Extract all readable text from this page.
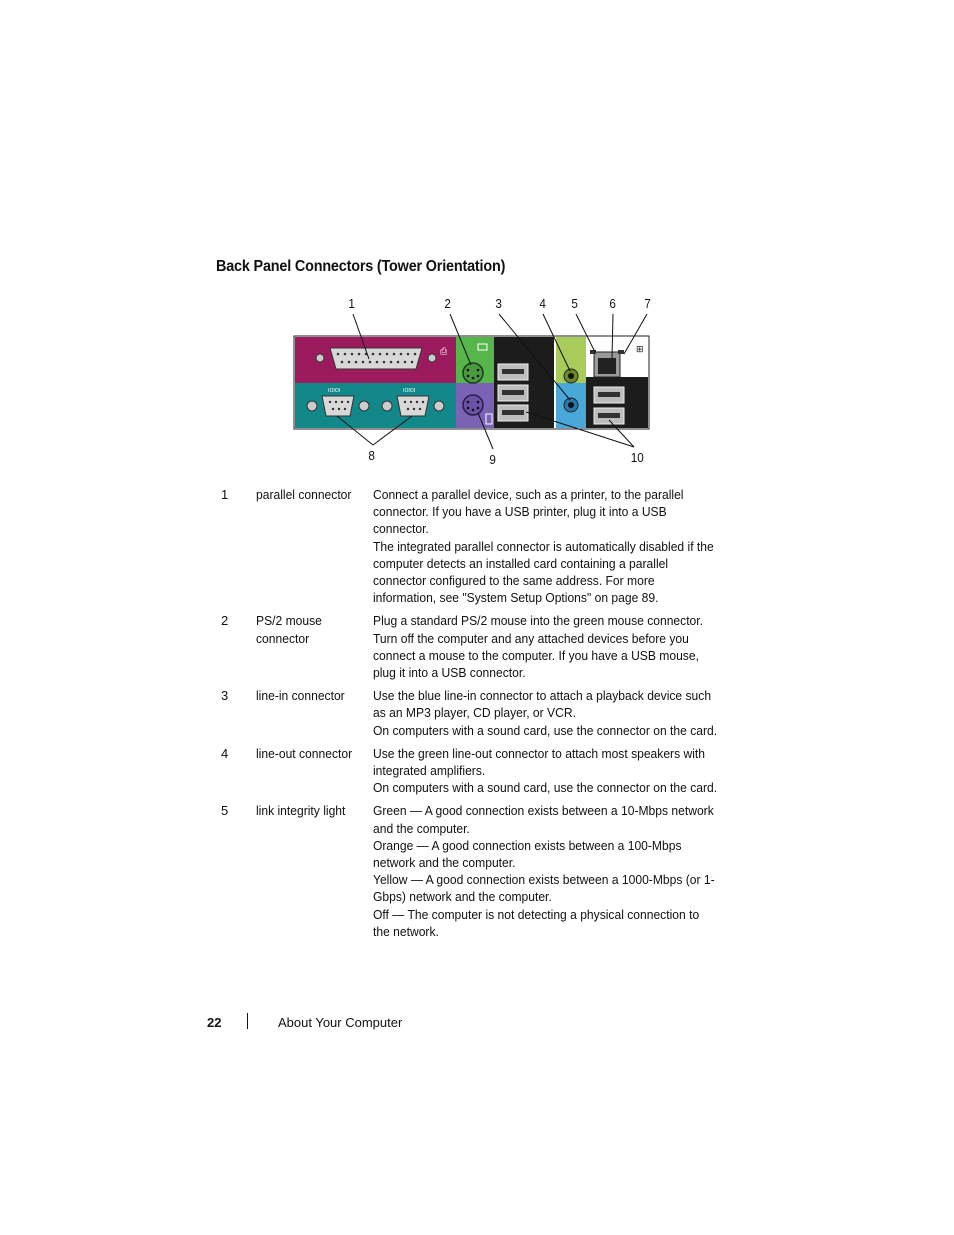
Back Panel Connectors (Tower Orientation)
1	2	3	4 5 6 7
8	9	10
⎙
IOIOI	IOIOI
⊞
1	parallel connector	Connect a parallel device, such as a printer, to the parallel connector. If you have a USB printer, plug it into a USB connector.
The integrated parallel connector is automatically disabled if the computer detects an installed card containing a parallel connector configured to the same address. For more information, see "System Setup Options" on page 89.

2	PS/2 mouse connector	Plug a standard PS/2 mouse into the green mouse connector. Turn off the computer and any attached devices before you connect a mouse to the computer. If you have a USB mouse, plug it into a USB connector.

3	line-in connector	Use the blue line-in connector to attach a playback device such as an MP3 player, CD player, or VCR.
On computers with a sound card, use the connector on the card.

4	line-out connector	Use the green line-out connector to attach most speakers with integrated amplifiers.
On computers with a sound card, use the connector on the card.

5	link integrity light	Green — A good connection exists between a 10-Mbps network and the computer.
Orange — A good connection exists between a 100-Mbps network and the computer.
Yellow — A good connection exists between a 1000-Mbps (or 1-Gbps) network and the computer.
Off — The computer is not detecting a physical connection to the network.
22	About Your Computer
